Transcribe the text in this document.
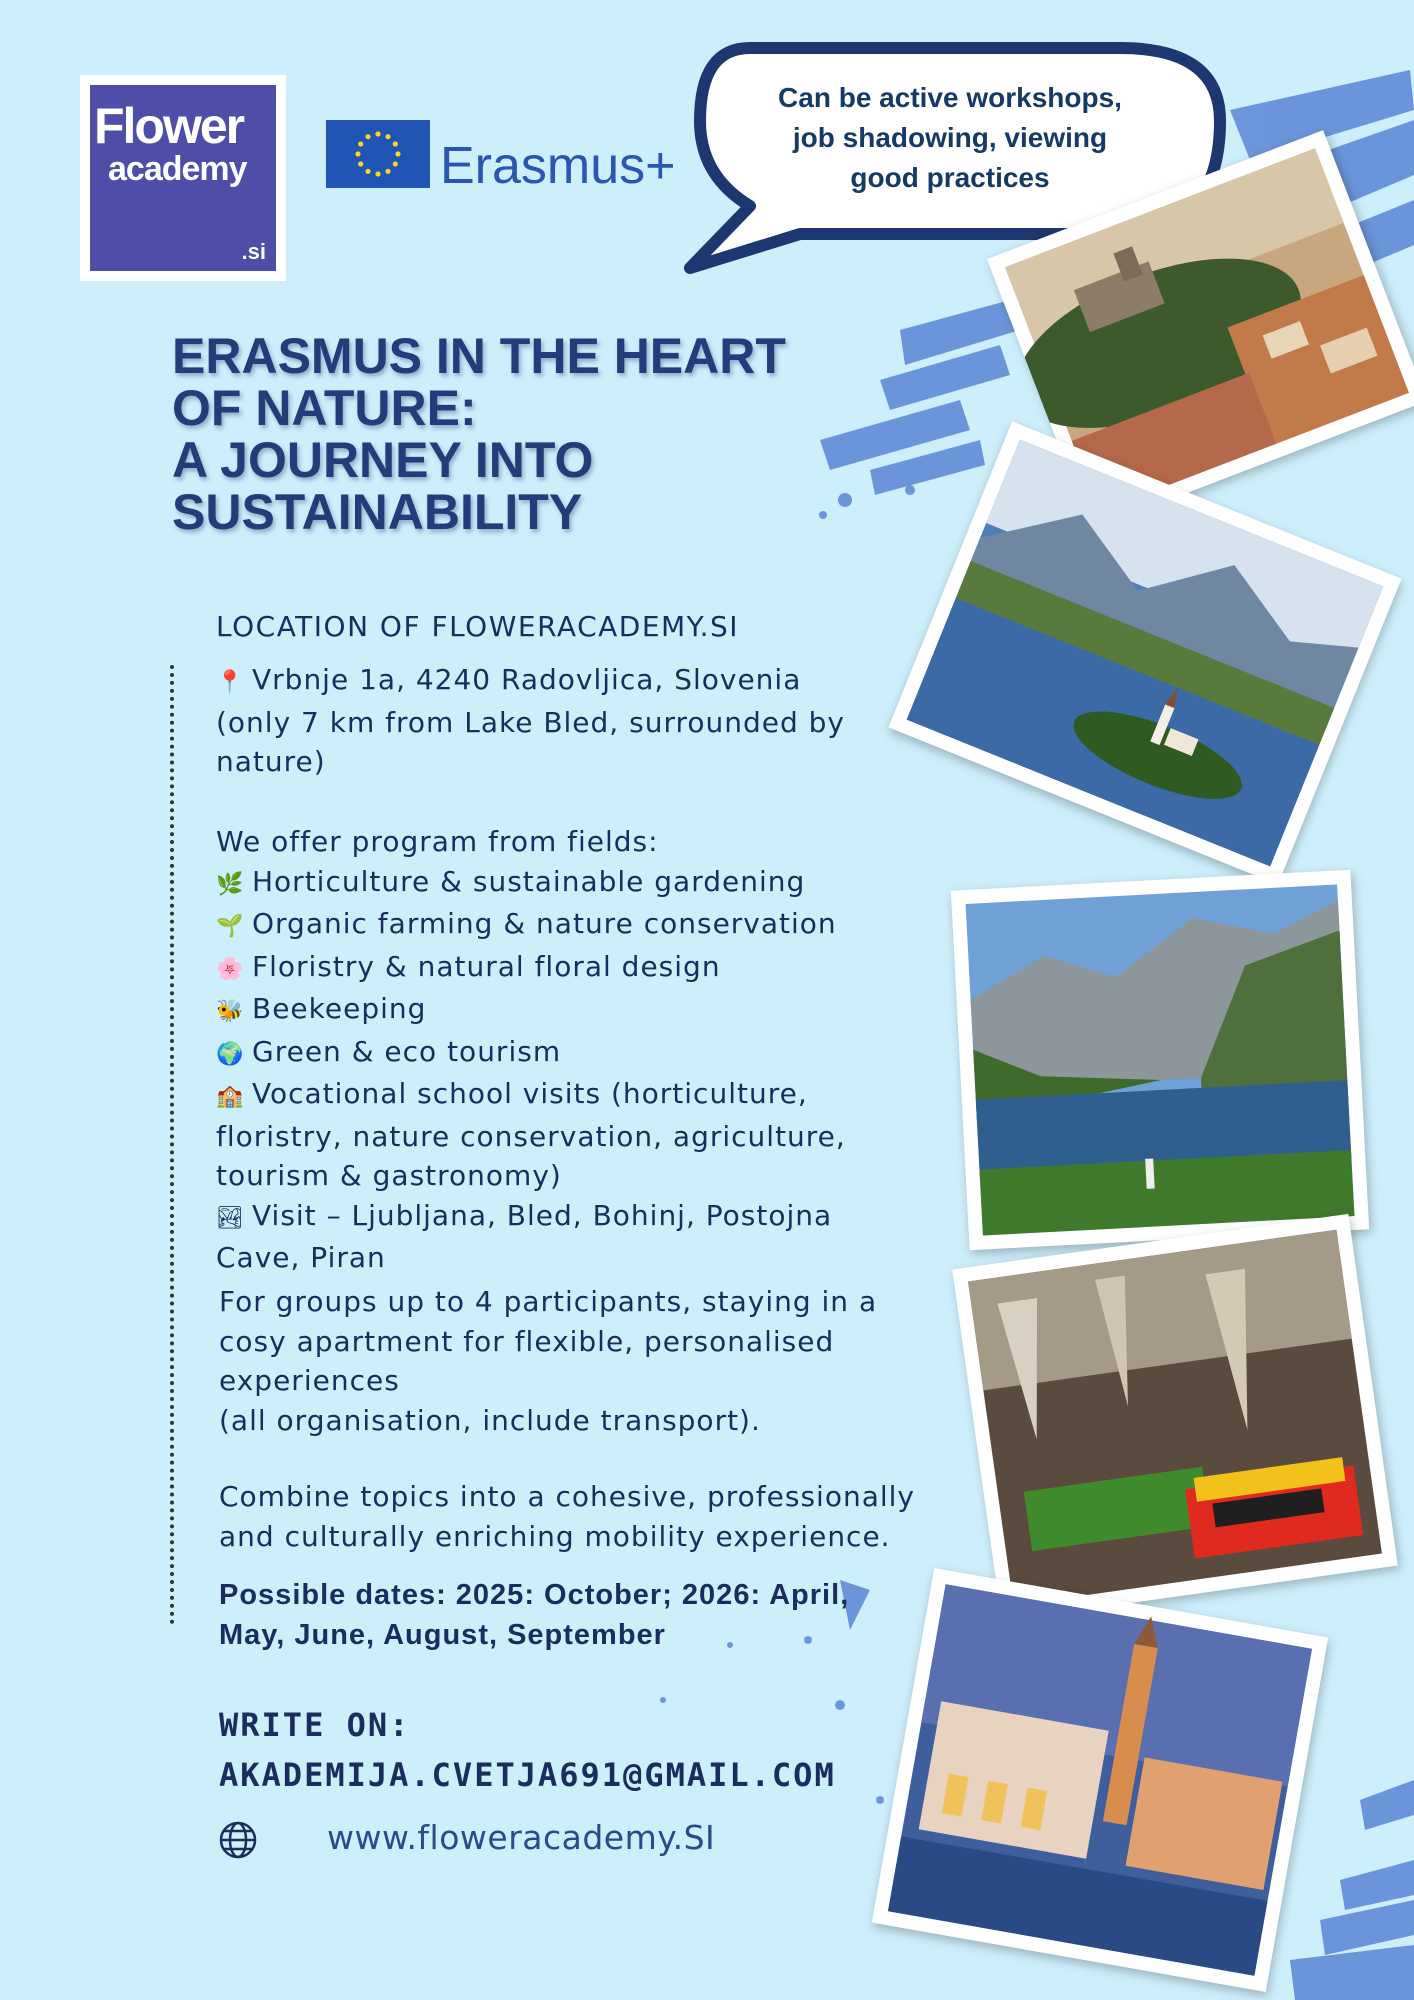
Flower
academy
.si
Erasmus+
Can be active workshops,
job shadowing, viewing
good practices
ERASMUS IN THE HEART
OF NATURE:
A JOURNEY INTO
SUSTAINABILITY
LOCATION OF FLOWERACADEMY.SI
📍 Vrbnje 1a, 4240 Radovljica, Slovenia
(only 7 km from Lake Bled, surrounded by
nature)
We offer program from fields:
🌿 Horticulture & sustainable gardening
🌱 Organic farming & nature conservation
🌸 Floristry & natural floral design
🐝 Beekeeping
🌍 Green & eco tourism
🏫 Vocational school visits (horticulture,
floristry, nature conservation, agriculture,
tourism & gastronomy)
🏞 Visit – Ljubljana, Bled, Bohinj, Postojna
Cave, Piran
For groups up to 4 participants, staying in a
cosy apartment for flexible, personalised
experiences
(all organisation, include transport).
Combine topics into a cohesive, professionally
and culturally enriching mobility experience.
Possible dates: 2025: October; 2026: April,
May, June, August, September
WRITE ON:
AKADEMIJA.CVETJA691@GMAIL.COM
www.floweracademy.SI
